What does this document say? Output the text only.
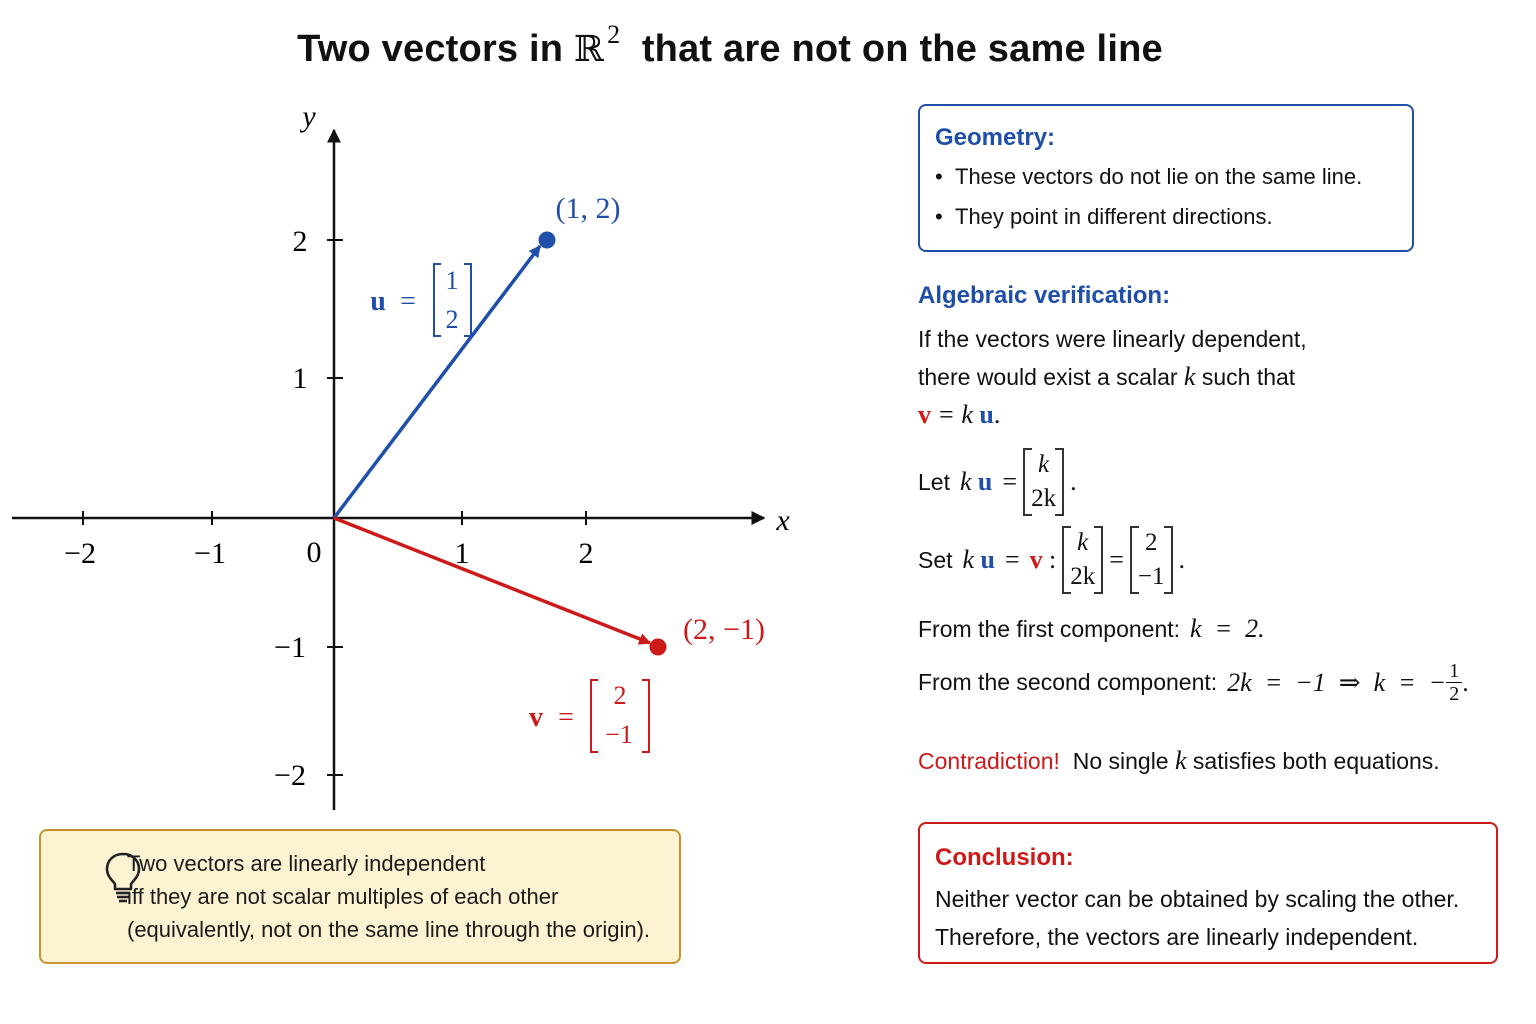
Two vectors in ℝ $^2$ that are not on the same line
x
y
0
−2	−1	1	2
2
1
−1
−2
(1, 2)
u =
1
2
(2, −1)
v =
2
−1
Geometry:
• These vectors do not lie on the same line.
• They point in different directions.
Algebraic verification:
If the vectors were linearly dependent,
there would exist a scalar k such that
v = k u.
Let k
u =
k
2k
.
Set k
u = v
:
k
2k
=
2
−1
.
From the first component: k  =  2.
From the second component: 2k  =  −1  ⇒  k  =  − $\frac{1}{2}$ .
Contradiction! No single k satisfies both equations.
Conclusion:
Neither vector can be obtained by scaling the other.
Therefore, the vectors are linearly independent.
Two vectors are linearly independent
iff they are not scalar multiples of each other
(equivalently, not on the same line through the origin).
